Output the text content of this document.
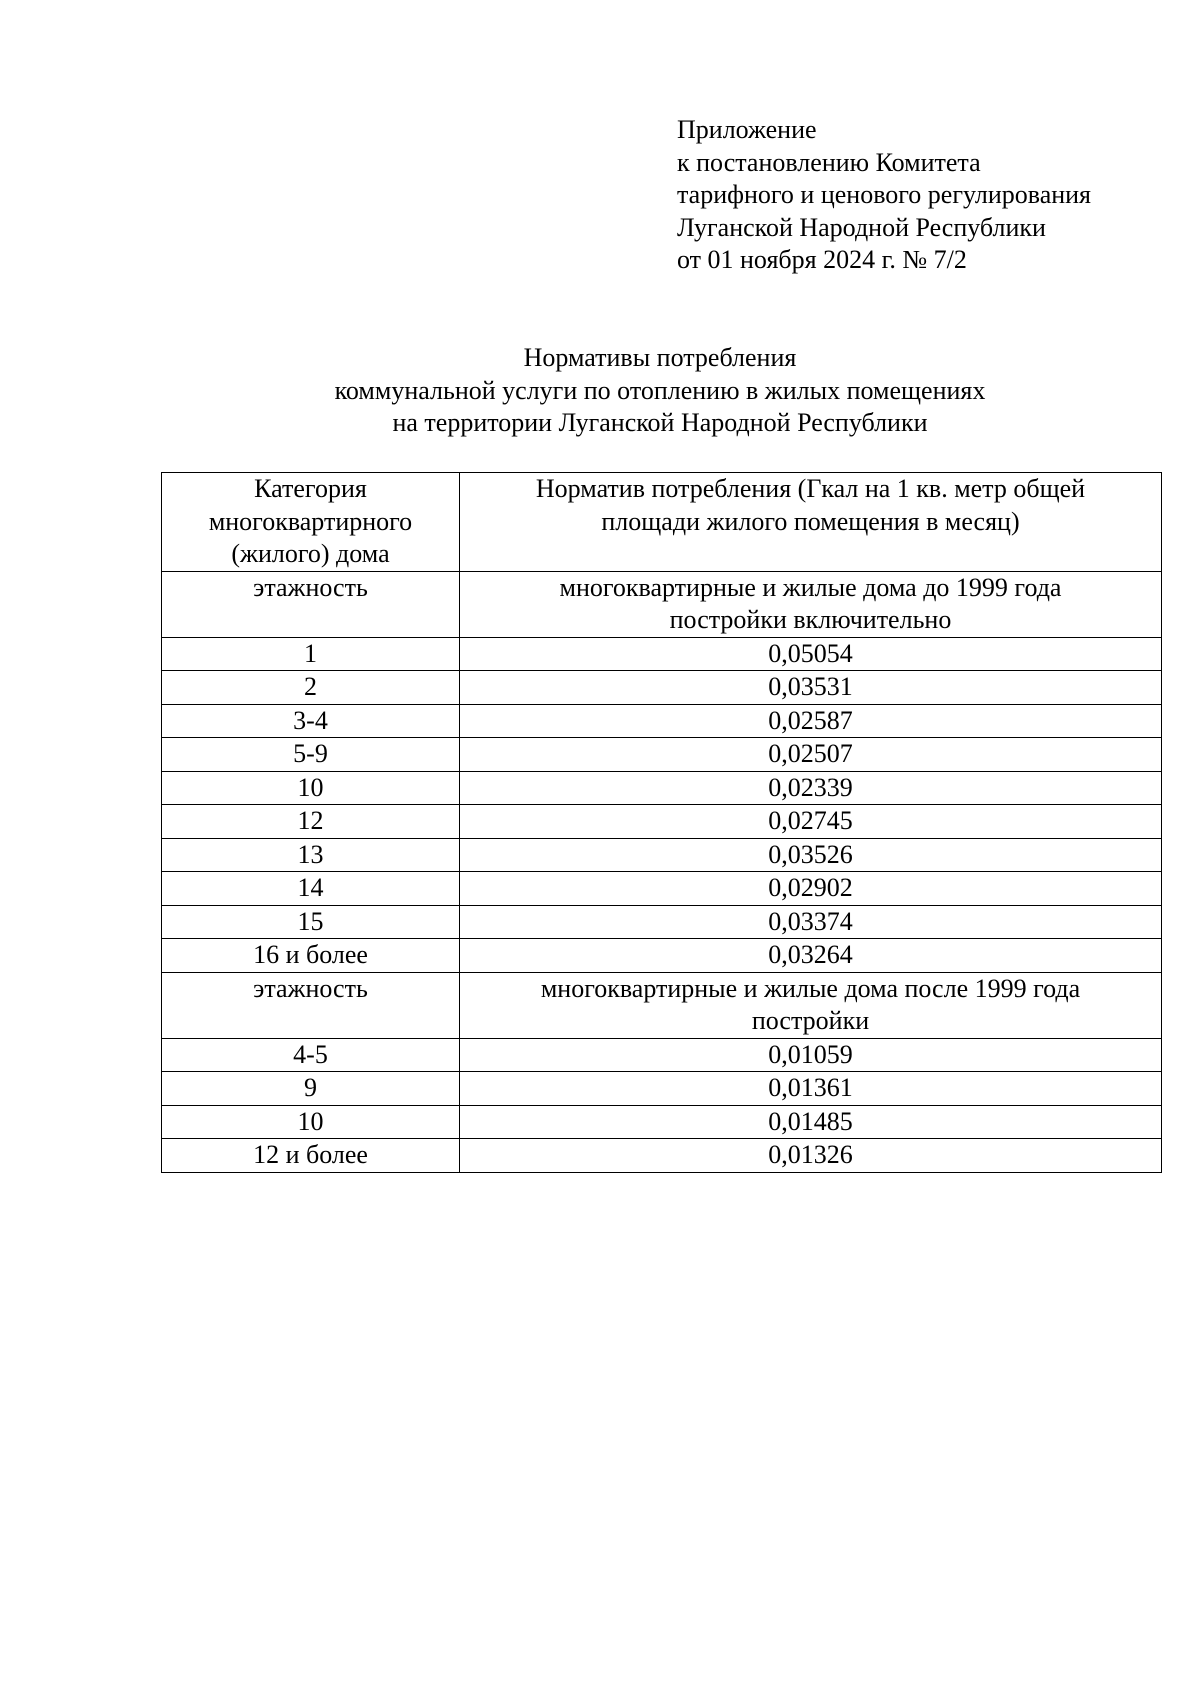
Приложение
к постановлению Комитета
тарифного и ценового регулирования
Луганской Народной Республики
от 01 ноября 2024 г. № 7/2
Нормативы потребления
коммунальной услуги по отоплению в жилых помещениях
на территории Луганской Народной Республики
Категория многоквартирного (жилого) дома	Норматив потребления (Гкал на 1 кв. метр общей площади жилого помещения в месяц)
этажность	многоквартирные и жилые дома до 1999 года постройки включительно
1	0,05054
2	0,03531
3-4	0,02587
5-9	0,02507
10	0,02339
12	0,02745
13	0,03526
14	0,02902
15	0,03374
16 и более	0,03264
этажность	многоквартирные и жилые дома после 1999 года постройки
4-5	0,01059
9	0,01361
10	0,01485
12 и более	0,01326
